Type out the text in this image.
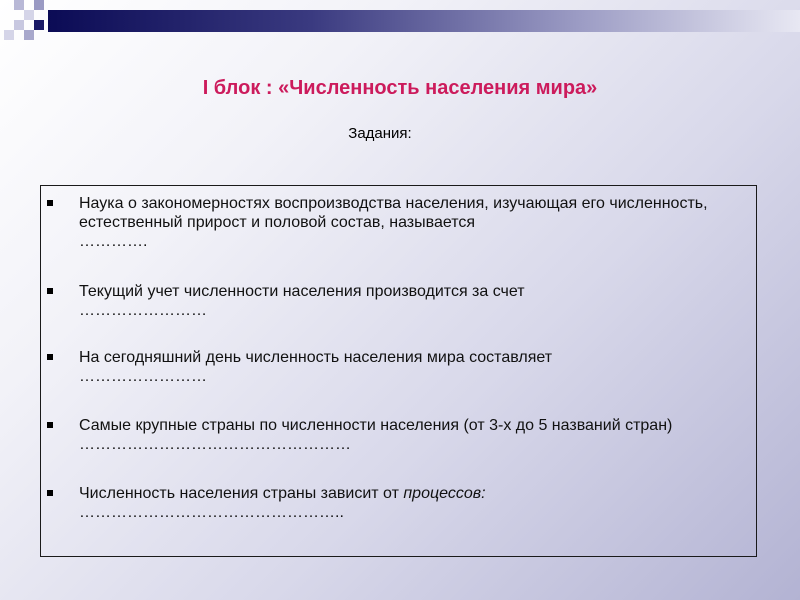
I блок : «Численность населения мира»

Задания:

Наука о закономерностях воспроизводства населения, изучающая его численность, естественный прирост и половой состав, называется
………….
Текущий учет численности населения производится за счет
……………………
На сегодняшний день численность населения мира составляет
……………………
Самые крупные страны по численности населения (от 3-х до 5 названий стран) ……………………………………………
Численность населения страны зависит от процессов:
…………………………………………..
